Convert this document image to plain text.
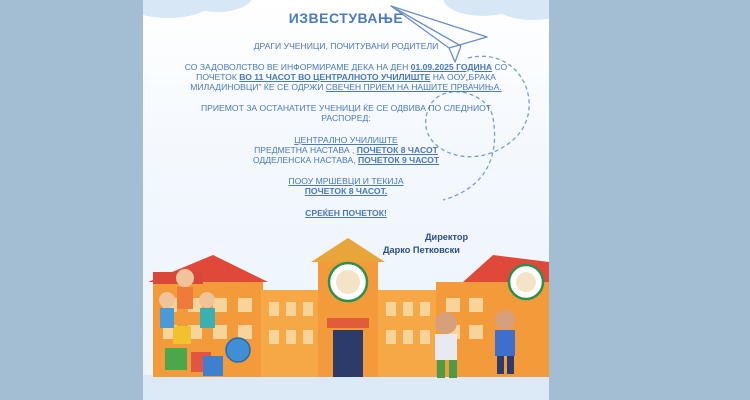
ИЗВЕСТУВАЊЕ
ДРАГИ УЧЕНИЦИ, ПОЧИТУВАНИ РОДИТЕЛИ
СО ЗАДОВОЛСТВО ВЕ ИНФОРМИРАМЕ ДЕКА НА ДЕН 01.09.2025 ГОДИНА СО
ПОЧЕТОК ВО 11 ЧАСОТ ВО ЦЕНТРАЛНОТО УЧИЛИШТЕ НА ООУ„БРАКА
МИЛАДИНОВЦИ" ЌЕ СЕ ОДРЖИ СВЕЧЕН ПРИЕМ НА НАШИТЕ ПРВАЧИЊА.
ПРИЕМОТ ЗА ОСТАНАТИТЕ УЧЕНИЦИ ЌЕ СЕ ОДВИВА ПО СЛЕДНИОТ
РАСПОРЕД:
ЦЕНТРАЛНО УЧИЛИШТЕ
ПРЕДМЕТНА НАСТАВА , ПОЧЕТОК 8 ЧАСОТ
ОДДЕЛЕНСКА НАСТАВА, ПОЧЕТОК 9 ЧАСОТ
ПООУ МРШЕВЦИ И ТЕКИЈА
ПОЧЕТОК 8 ЧАСОТ.
СРЕЌЕН ПОЧЕТОК!
Директор
Дарко Петковски
